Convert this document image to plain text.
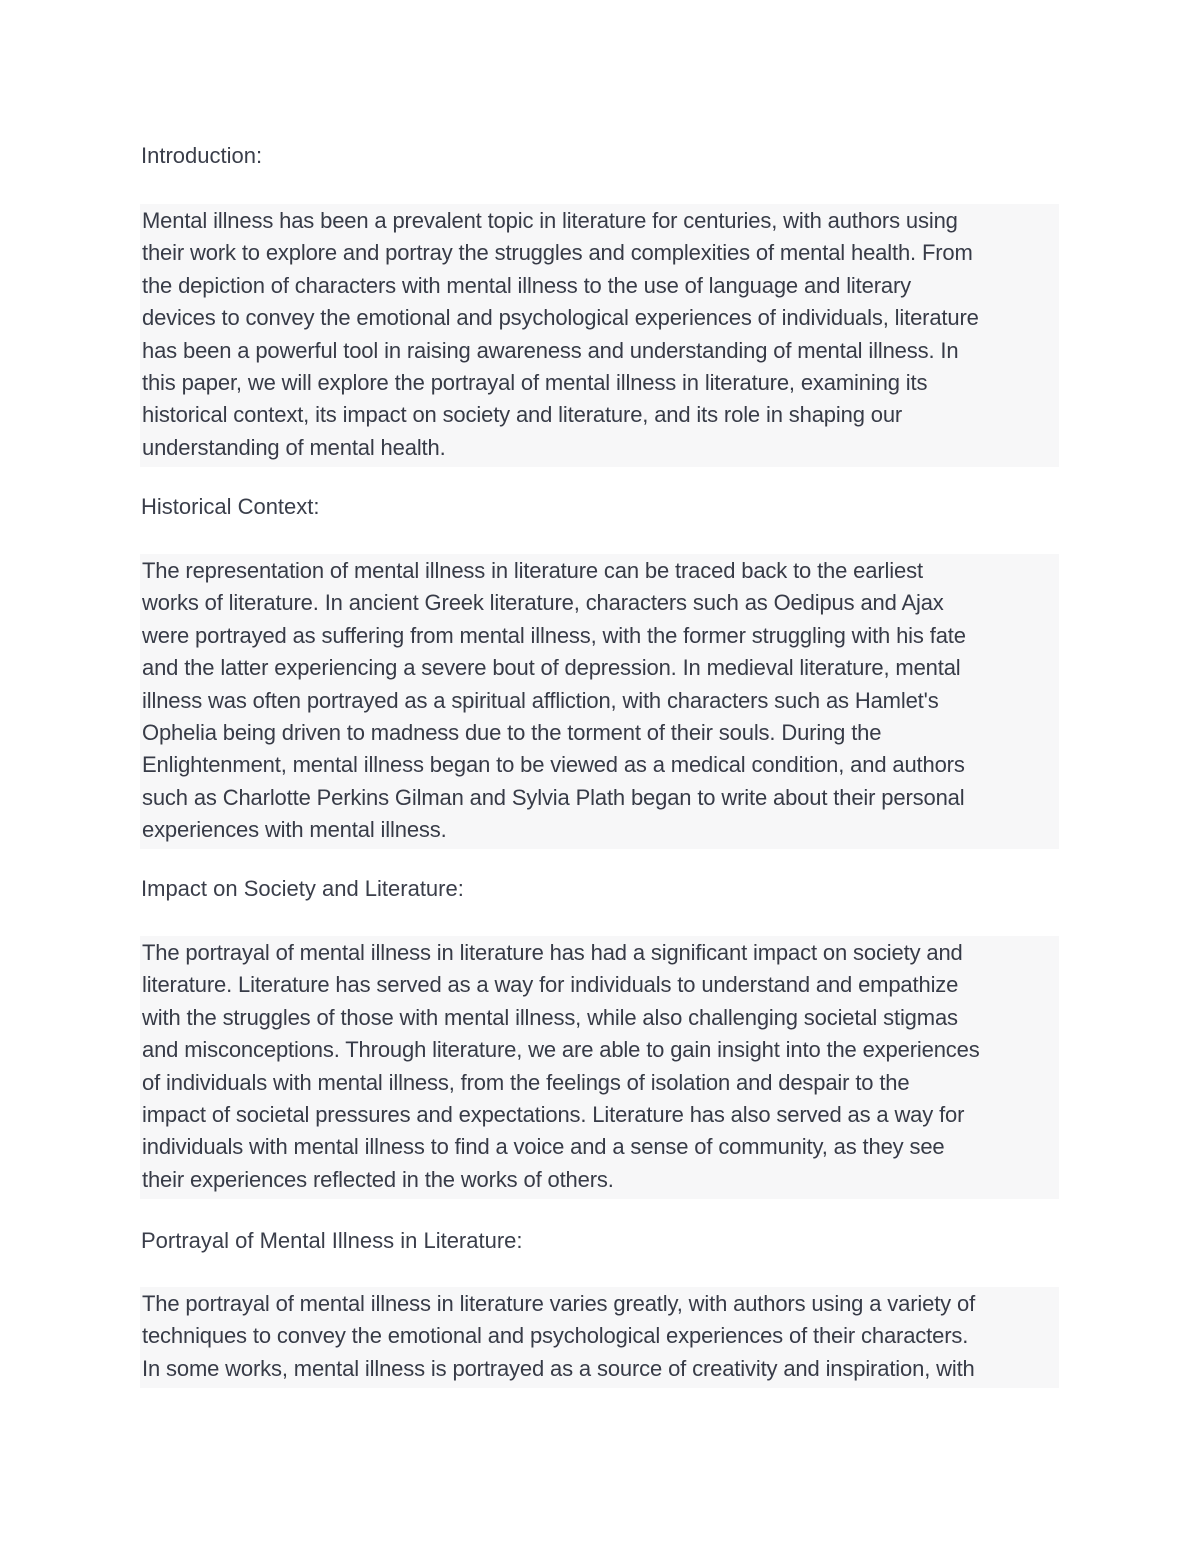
Introduction:

Mental illness has been a prevalent topic in literature for centuries, with authors using
their work to explore and portray the struggles and complexities of mental health. From
the depiction of characters with mental illness to the use of language and literary
devices to convey the emotional and psychological experiences of individuals, literature
has been a powerful tool in raising awareness and understanding of mental illness. In
this paper, we will explore the portrayal of mental illness in literature, examining its
historical context, its impact on society and literature, and its role in shaping our
understanding of mental health.

Historical Context:

The representation of mental illness in literature can be traced back to the earliest
works of literature. In ancient Greek literature, characters such as Oedipus and Ajax
were portrayed as suffering from mental illness, with the former struggling with his fate
and the latter experiencing a severe bout of depression. In medieval literature, mental
illness was often portrayed as a spiritual affliction, with characters such as Hamlet's
Ophelia being driven to madness due to the torment of their souls. During the
Enlightenment, mental illness began to be viewed as a medical condition, and authors
such as Charlotte Perkins Gilman and Sylvia Plath began to write about their personal
experiences with mental illness.

Impact on Society and Literature:

The portrayal of mental illness in literature has had a significant impact on society and
literature. Literature has served as a way for individuals to understand and empathize
with the struggles of those with mental illness, while also challenging societal stigmas
and misconceptions. Through literature, we are able to gain insight into the experiences
of individuals with mental illness, from the feelings of isolation and despair to the
impact of societal pressures and expectations. Literature has also served as a way for
individuals with mental illness to find a voice and a sense of community, as they see
their experiences reflected in the works of others.

Portrayal of Mental Illness in Literature:

The portrayal of mental illness in literature varies greatly, with authors using a variety of
techniques to convey the emotional and psychological experiences of their characters.
In some works, mental illness is portrayed as a source of creativity and inspiration, with
